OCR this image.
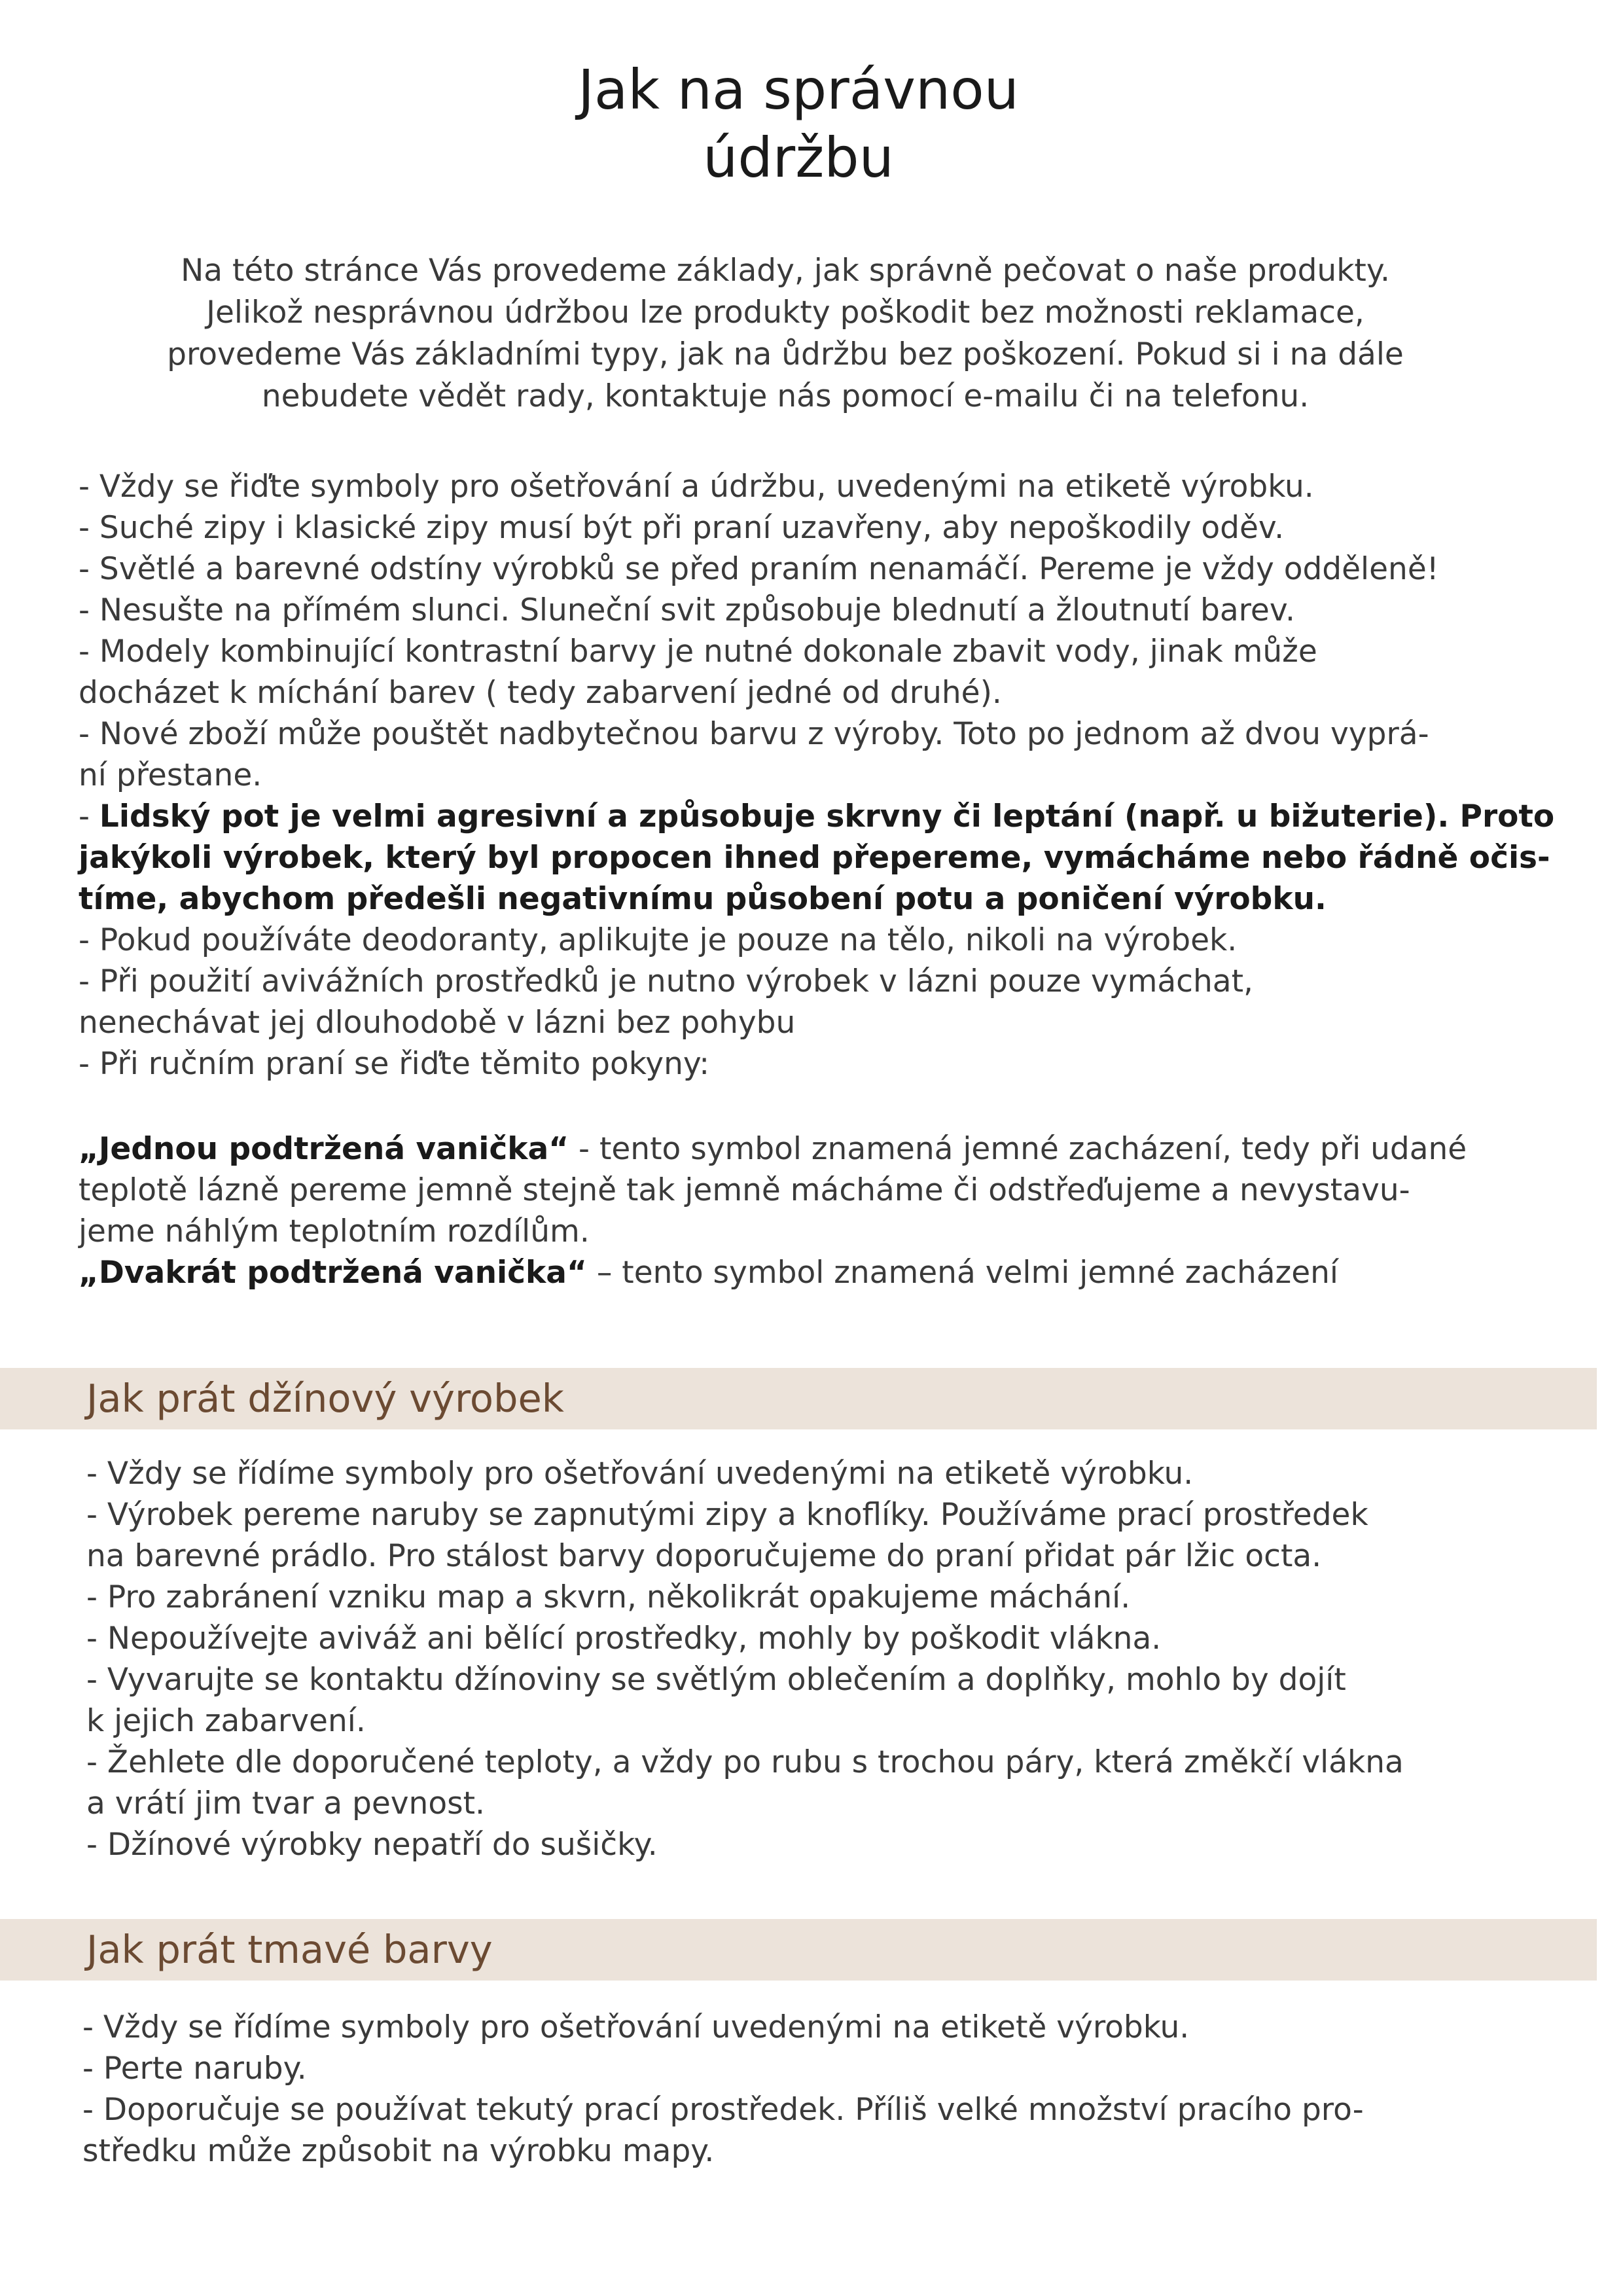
Jak na správnou
údržbu
Na této stránce Vás provedeme základy, jak správně pečovat o naše produkty.
Jelikož nesprávnou údržbou lze produkty poškodit bez možnosti reklamace,
provedeme Vás základními typy, jak na ůdržbu bez poškození. Pokud si i na dále
nebudete vědět rady, kontaktuje nás pomocí e-mailu či na telefonu.
- Vždy se řiďte symboly pro ošetřování a údržbu, uvedenými na etiketě výrobku.
- Suché zipy i klasické zipy musí být při praní uzavřeny, aby nepoškodily oděv.
- Světlé a barevné odstíny výrobků se před praním nenamáčí. Pereme je vždy odděleně!
- Nesušte na přímém slunci. Sluneční svit způsobuje blednutí a žloutnutí barev.
- Modely kombinující kontrastní barvy je nutné dokonale zbavit vody, jinak může
docházet k míchání barev ( tedy zabarvení jedné od druhé).
- Nové zboží může pouštět nadbytečnou barvu z výroby. Toto po jednom až dvou vyprá-
ní přestane.
- Lidský pot je velmi agresivní a způsobuje skrvny či leptání (např. u bižuterie). Proto
jakýkoli výrobek, který byl propocen ihned přepereme, vymácháme nebo řádně očis-
tíme, abychom předešli negativnímu působení potu a poničení výrobku.
- Pokud používáte deodoranty, aplikujte je pouze na tělo, nikoli na výrobek.
- Při použití avivážních prostředků je nutno výrobek v lázni pouze vymáchat,
nenechávat jej dlouhodobě v lázni bez pohybu
- Při ručním praní se řiďte těmito pokyny:
„Jednou podtržená vanička“ - tento symbol znamená jemné zacházení, tedy při udané
teplotě lázně pereme jemně stejně tak jemně mácháme či odstřeďujeme a nevystavu-
jeme náhlým teplotním rozdílům.
„Dvakrát podtržená vanička“ – tento symbol znamená velmi jemné zacházení
Jak prát džínový výrobek
- Vždy se řídíme symboly pro ošetřování uvedenými na etiketě výrobku.
- Výrobek pereme naruby se zapnutými zipy a knoflíky. Používáme prací prostředek
na barevné prádlo. Pro stálost barvy doporučujeme do praní přidat pár lžic octa.
- Pro zabránení vzniku map a skvrn, několikrát opakujeme máchání.
- Nepoužívejte aviváž ani bělící prostředky, mohly by poškodit vlákna.
- Vyvarujte se kontaktu džínoviny se světlým oblečením a doplňky, mohlo by dojít
k jejich zabarvení.
- Žehlete dle doporučené teploty, a vždy po rubu s trochou páry, která změkčí vlákna
a vrátí jim tvar a pevnost.
- Džínové výrobky nepatří do sušičky.
Jak prát tmavé barvy
- Vždy se řídíme symboly pro ošetřování uvedenými na etiketě výrobku.
- Perte naruby.
- Doporučuje se používat tekutý prací prostředek. Příliš velké množství pracího pro-
středku může způsobit na výrobku mapy.
